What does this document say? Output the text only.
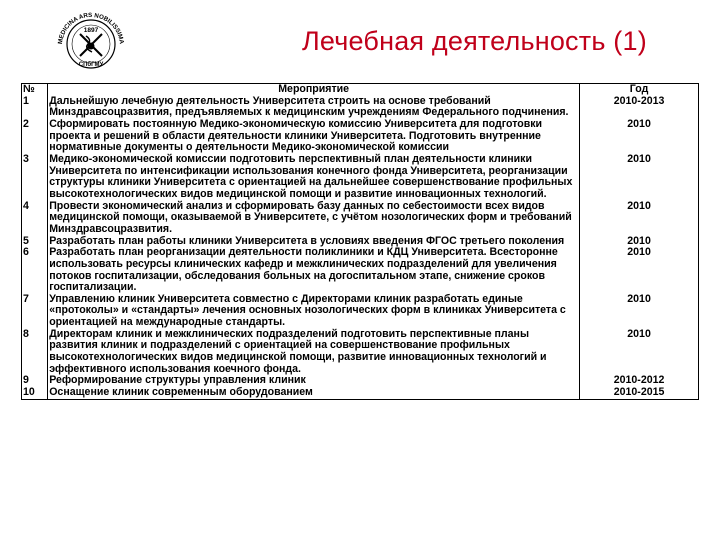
MEDICINA ARS NOBILISSIMA
1897
СПбГМУ
Лечебная деятельность (1)
№	Мероприятие	Год
1	Дальнейшую лечебную деятельность Университета строить на основе требований Минздравсоцразвития, предъявляемых к медицинским учреждениям Федерального подчинения.	2010-2013
2	Сформировать постоянную Медико-экономическую комиссию Университета для подготовки проекта и решений в области деятельности клиники Университета. Подготовить внутренние нормативные документы о деятельности Медико-экономической комиссии	2010
3	Медико-экономической комиссии подготовить перспективный план деятельности клиники Университета по интенсификации использования конечного фонда Университета, реорганизации структуры клиники Университета с ориентацией на дальнейшее совершенствование профильных высокотехнологических видов медицинской помощи и развитие инновационных технологий.	2010
4	Провести экономический анализ и сформировать базу данных по себестоимости всех видов медицинской помощи, оказываемой в Университете, с учётом нозологических форм и требований Минздравсоцразвития.	2010
5	Разработать план работы клиники Университета в условиях введения ФГОС третьего поколения	2010
6	Разработать план реорганизации деятельности поликлиники и КДЦ Университета. Всесторонне использовать ресурсы клинических кафедр и межклинических подразделений для увеличения потоков госпитализации, обследования больных на догоспитальном этапе, снижение сроков госпитализации.	2010
7	Управлению клиник Университета совместно с Директорами клиник разработать единые «протоколы» и «стандарты» лечения основных нозологических форм в клиниках Университета с ориентацией на международные стандарты.	2010
8	Директорам клиник и межклинических подразделений подготовить перспективные планы развития клиник и подразделений с ориентацией на совершенствование профильных высокотехнологических видов медицинской помощи, развитие инновационных технологий и эффективного использования коечного фонда.	2010
9	Реформирование структуры управления клиник	2010-2012
10	Оснащение клиник современным оборудованием	2010-2015
